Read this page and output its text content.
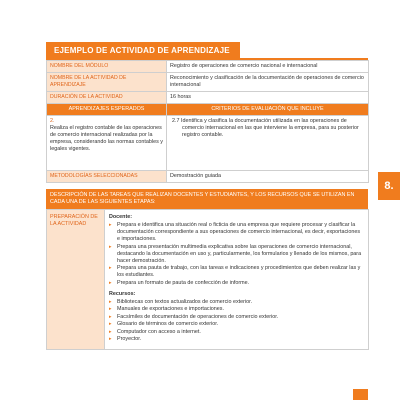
EJEMPLO DE ACTIVIDAD DE APRENDIZAJE
NOMBRE DEL MÓDULO	Registro de operaciones de comercio nacional e internacional
NOMBRE DE LA ACTIVIDAD DE APRENDIZAJE	Reconocimiento y clasificación de la documentación de operaciones de comercio internacional
DURACIÓN DE LA ACTIVIDAD	16 horas
APRENDIZAJES ESPERADOS	CRITERIOS DE EVALUACIÓN QUE INCLUYE

2.
Realiza el registro contable de las operaciones de comercio internacional realizadas por la empresa, considerando las normas contables y legales vigentes.	2.7 Identifica y clasifica la documentación utilizada en las operaciones de comercio internacional en las que interviene la empresa, para su posterior registro contable.

METODOLOGÍAS SELECCIONADAS	Demostración guiada
DESCRIPCIÓN DE LAS TAREAS QUE REALIZAN DOCENTES Y ESTUDIANTES, Y LOS RECURSOS QUE SE UTILIZAN EN CADA UNA DE LAS SIGUIENTES ETAPAS:
PREPARACIÓN DE LA ACTIVIDAD	
Docente:
▸	Prepara e identifica una situación real o ficticia de una empresa que requiere procesar y clasificar la documentación correspondiente a sus operaciones de comercio internacional, es decir, exportaciones e importaciones.
▸	Prepara una presentación multimedia explicativa sobre las operaciones de comercio internacional, destacando la documentación en uso y, particularmente, los formularios y llenado de los mismos, para hacer demostración.
▸	Prepara una pauta de trabajo, con las tareas e indicaciones y procedimientos que deben realizar las y los estudiantes.
▸	Prepara un formato de pauta de confección de informe.
Recursos:
▸	Bibliotecas con textos actualizados de comercio exterior.
▸	Manuales de exportaciones e importaciones.
▸	Facsímiles de documentación de operaciones de comercio exterior.
▸	Glosario de términos de comercio exterior.
▸	Computador con acceso a internet.
▸	Proyector.
8.
